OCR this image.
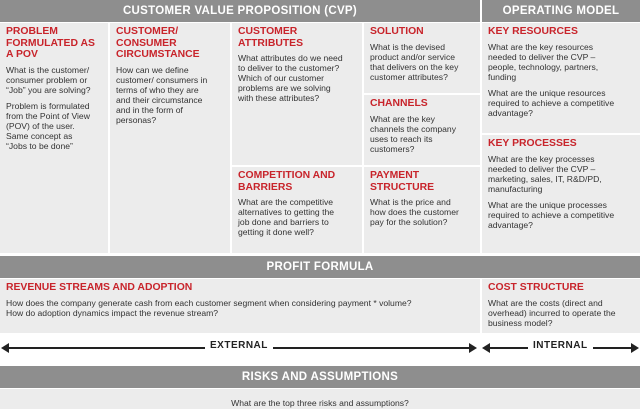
CUSTOMER VALUE PROPOSITION (CVP)	OPERATING MODEL
PROBLEM
FORMULATED AS
A POV
What is the customer/
consumer problem or
“Job” you are solving?
Problem is formulated
from the Point of View
(POV) of the user.
Same concept as
“Jobs to be done”
CUSTOMER/
CONSUMER
CIRCUMSTANCE
How can we define
customer/ consumers in
terms of who they are
and their circumstance
and in the form of
personas?
CUSTOMER
ATTRIBUTES
What attributes do we need
to deliver to the customer?
Which of our customer
problems are we solving
with these attributes?
SOLUTION
What is the devised
product and/or service
that delivers on the key
customer attributes?
CHANNELS
What are the key
channels the company
uses to reach its
customers?
COMPETITION AND
BARRIERS
What are the competitive
alternatives to getting the
job done and barriers to
getting it done well?
PAYMENT
STRUCTURE
What is the price and
how does the customer
pay for the solution?
KEY RESOURCES
What are the key resources
needed to deliver the CVP –
people, technology, partners,
funding
What are the unique resources
required to achieve a competitive
advantage?
KEY PROCESSES
What are the key processes
needed to deliver the CVP –
marketing, sales, IT, R&D/PD,
manufacturing
What are the unique processes
required to achieve a competitive
advantage?
PROFIT FORMULA
REVENUE STREAMS AND ADOPTION
How does the company generate cash from each customer segment when considering payment * volume?
How do adoption dynamics impact the revenue stream?
COST STRUCTURE
What are the costs (direct and
overhead) incurred to operate the
business model?
EXTERNAL	INTERNAL
RISKS AND ASSUMPTIONS
What are the top three risks and assumptions?
